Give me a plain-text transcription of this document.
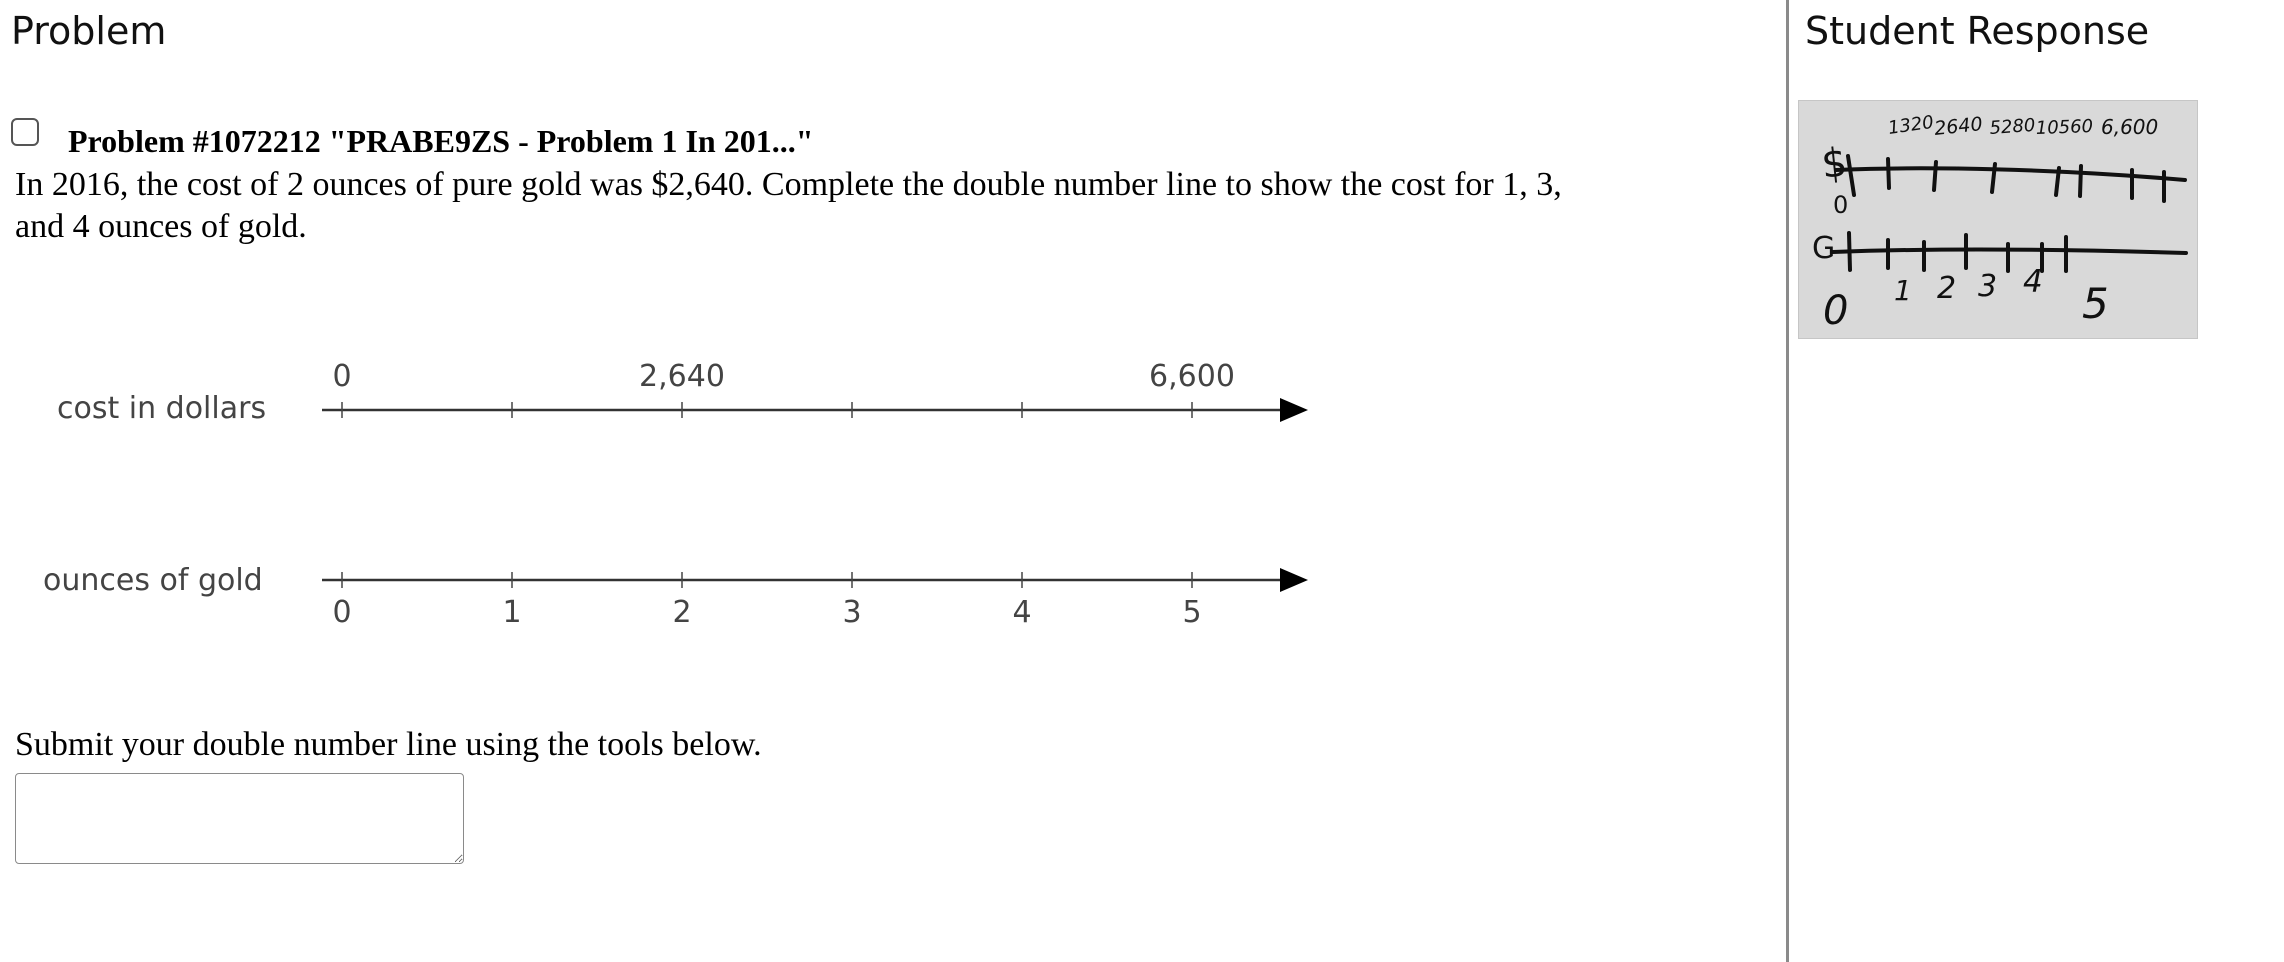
Problem
Problem #1072212 "PRABE9ZS - Problem 1 In 201..."
In 2016, the cost of 2 ounces of pure gold was $2,640. Complete the double number line to show the cost for 1, 3, and 4 ounces of gold.
cost in dollars
0	2,640	6,600
ounces of gold
0	1	2	3	4	5
Submit your double number line using the tools below.
Student Response
$
0
1320
2640 5280 10560 6,600
G
0 1 2 3 4 5
